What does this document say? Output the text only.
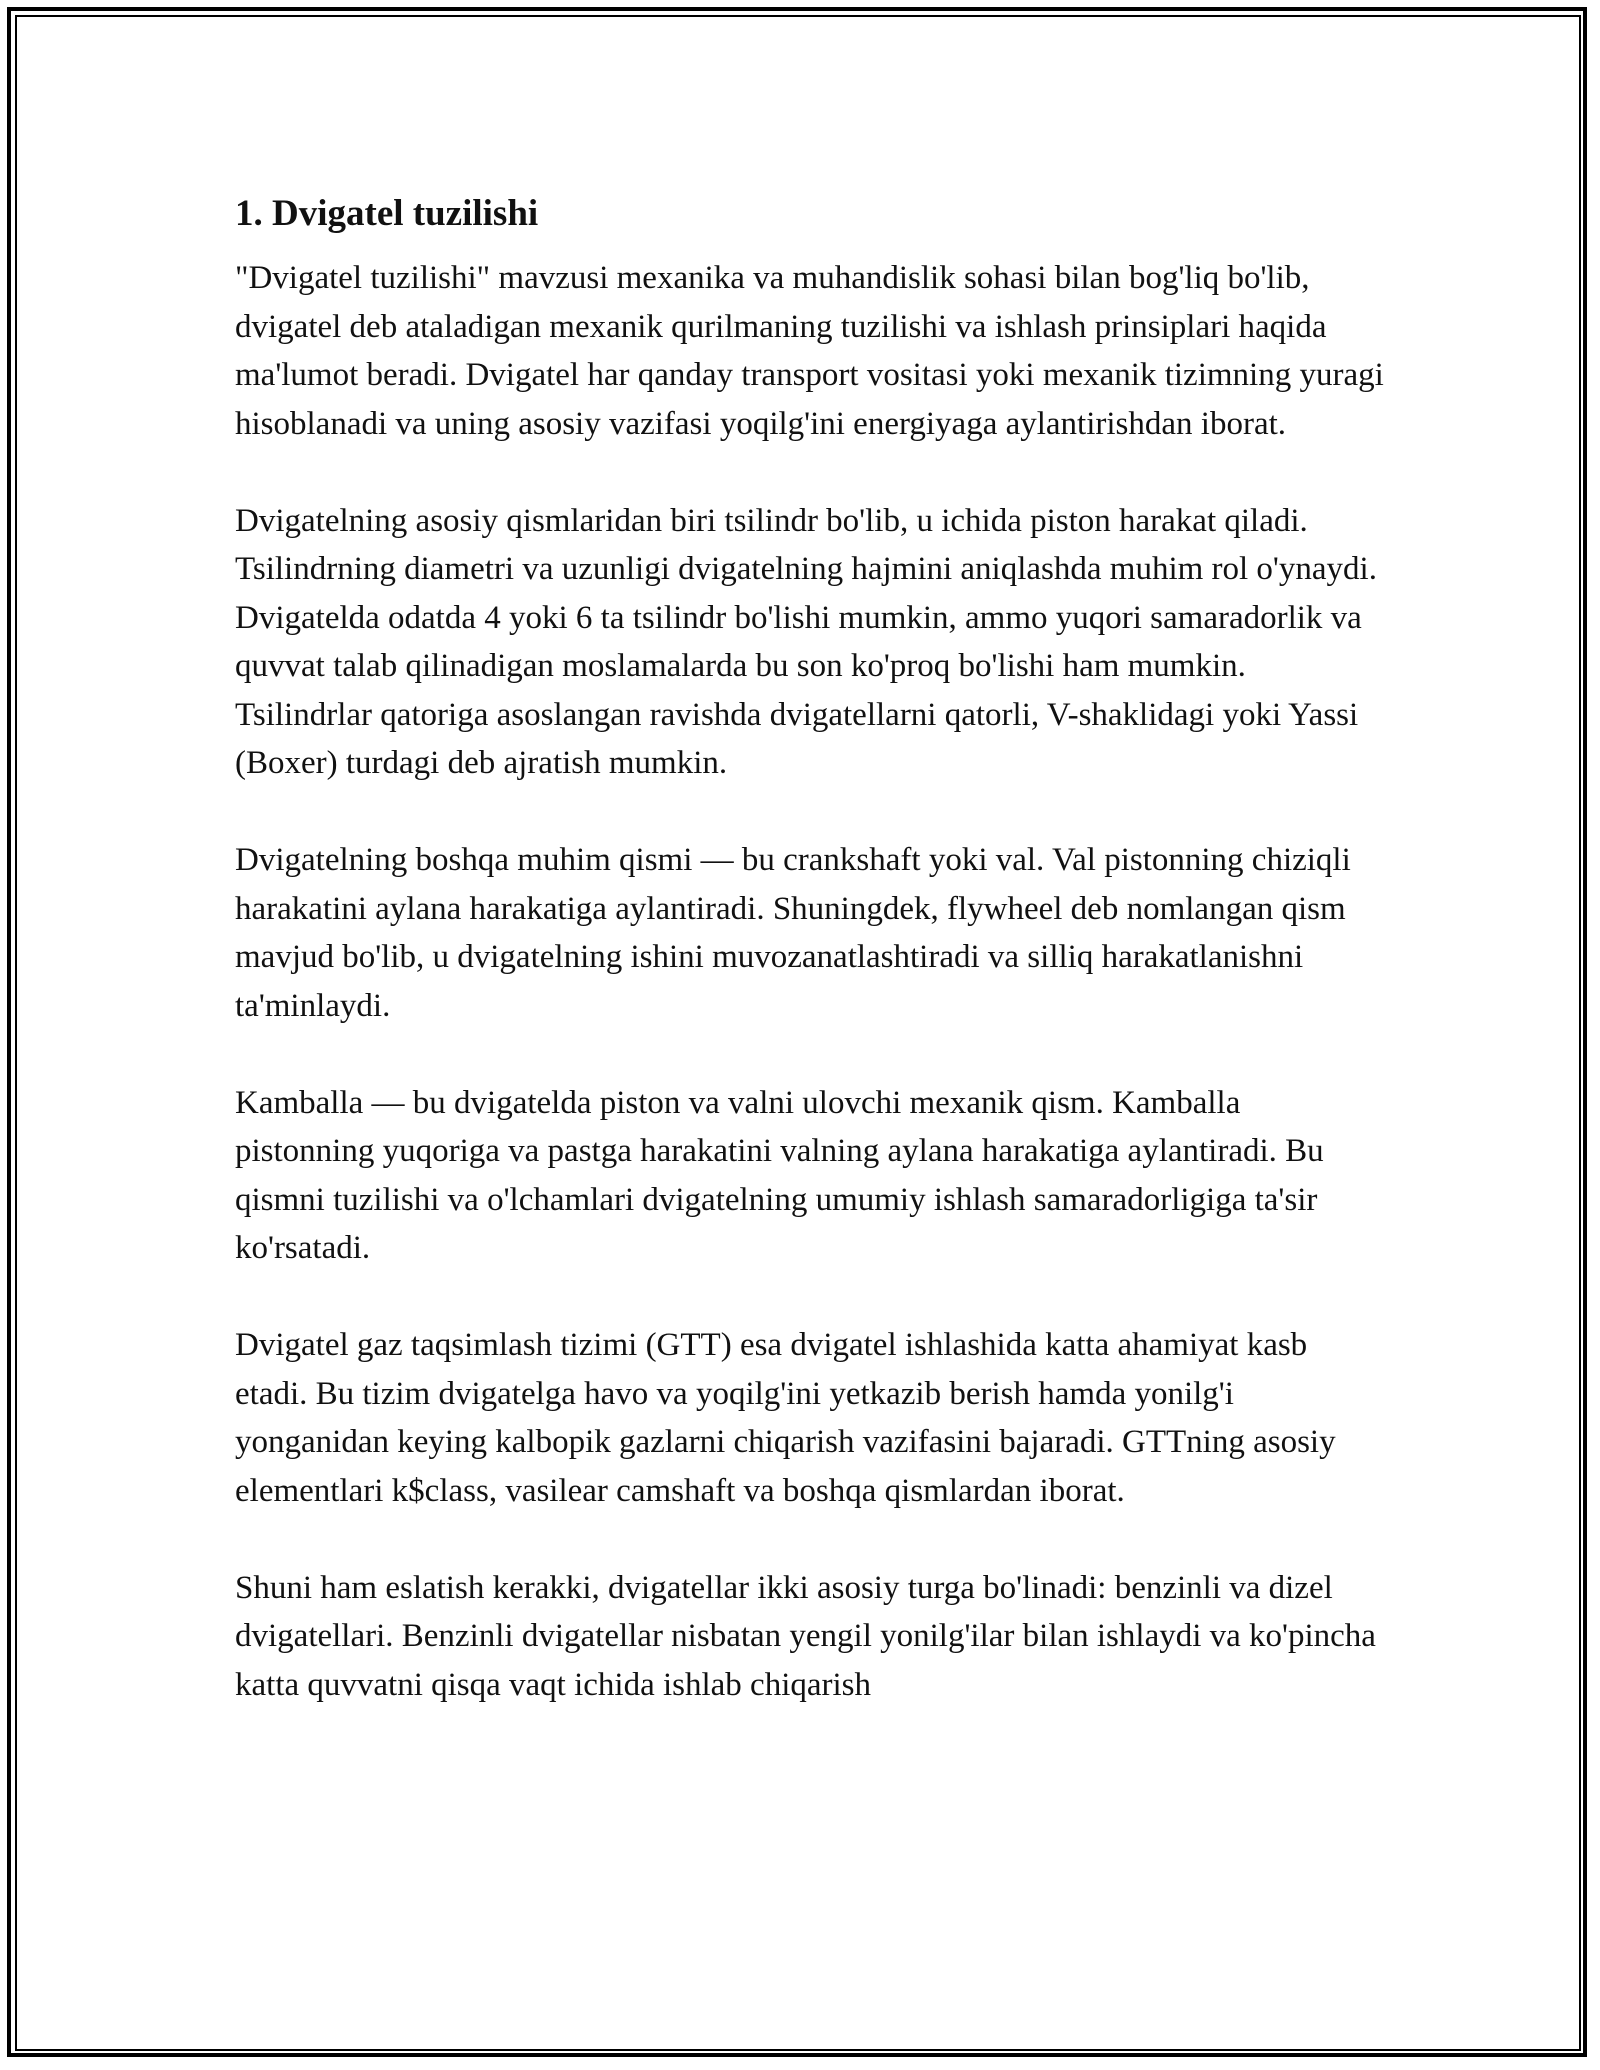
1. Dvigatel tuzilishi

"Dvigatel tuzilishi" mavzusi mexanika va muhandislik sohasi bilan bog'liq bo'lib, dvigatel deb ataladigan mexanik qurilmaning tuzilishi va ishlash prinsiplari haqida ma'lumot beradi. Dvigatel har qanday transport vositasi yoki mexanik tizimning yuragi hisoblanadi va uning asosiy vazifasi yoqilg'ini energiyaga aylantirishdan iborat.

Dvigatelning asosiy qismlaridan biri tsilindr bo'lib, u ichida piston harakat qiladi. Tsilindrning diametri va uzunligi dvigatelning hajmini aniqlashda muhim rol o'ynaydi. Dvigatelda odatda 4 yoki 6 ta tsilindr bo'lishi mumkin, ammo yuqori samaradorlik va quvvat talab qilinadigan moslamalarda bu son ko'proq bo'lishi ham mumkin. Tsilindrlar qatoriga asoslangan ravishda dvigatellarni qatorli, V-shaklidagi yoki Yassi (Boxer) turdagi deb ajratish mumkin.

Dvigatelning boshqa muhim qismi — bu crankshaft yoki val. Val pistonning chiziqli harakatini aylana harakatiga aylantiradi. Shuningdek, flywheel deb nomlangan qism mavjud bo'lib, u dvigatelning ishini muvozanatlashtiradi va silliq harakatlanishni ta'minlaydi.

Kamballa — bu dvigatelda piston va valni ulovchi mexanik qism. Kamballa pistonning yuqoriga va pastga harakatini valning aylana harakatiga aylantiradi. Bu qismni tuzilishi va o'lchamlari dvigatelning umumiy ishlash samaradorligiga ta'sir ko'rsatadi.

Dvigatel gaz taqsimlash tizimi (GTT) esa dvigatel ishlashida katta ahamiyat kasb etadi. Bu tizim dvigatelga havo va yoqilg'ini yetkazib berish hamda yonilg'i yonganidan keying kalbopik gazlarni chiqarish vazifasini bajaradi. GTTning asosiy elementlari k$class, vasilear camshaft va boshqa qismlardan iborat.

Shuni ham eslatish kerakki, dvigatellar ikki asosiy turga bo'linadi: benzinli va dizel dvigatellari. Benzinli dvigatellar nisbatan yengil yonilg'ilar bilan ishlaydi va ko'pincha katta quvvatni qisqa vaqt ichida ishlab chiqarish
